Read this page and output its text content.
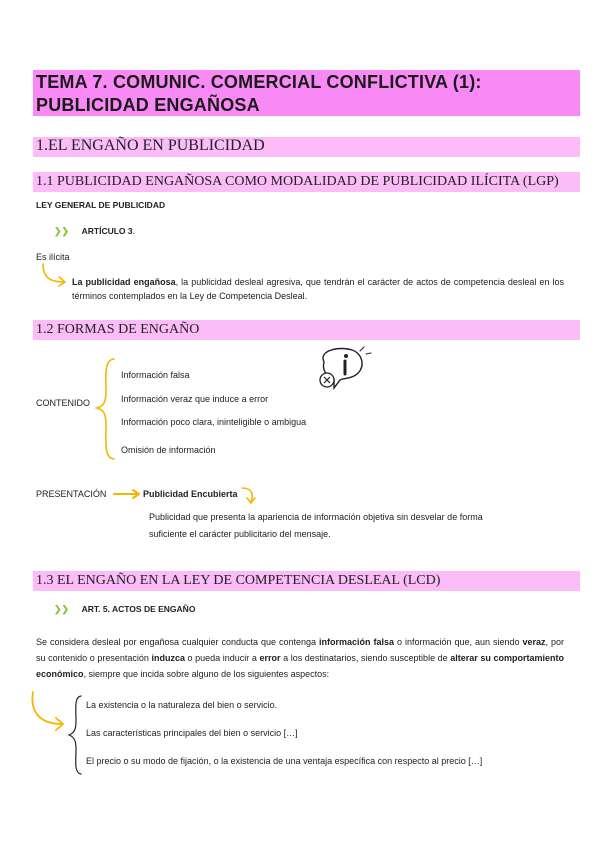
TEMA 7. COMUNIC. COMERCIAL CONFLICTIVA (1):
PUBLICIDAD ENGAÑOSA
1.EL ENGAÑO EN PUBLICIDAD
1.1 PUBLICIDAD ENGAÑOSA COMO MODALIDAD DE PUBLICIDAD ILÍCITA (LGP)
LEY GENERAL DE PUBLICIDAD
❯❯ ARTÍCULO 3.
Es ilícita
La publicidad engañosa, la publicidad desleal agresiva, que tendrán el carácter de actos de competencia desleal en los términos contemplados en la Ley de Competencia Desleal.
1.2 FORMAS DE ENGAÑO
CONTENIDO
Información falsa
Información veraz que induce a error
Información poco clara, ininteligible o ambigua
Omisión de información
PRESENTACIÓN	Publicidad Encubierta
Publicidad que presenta la apariencia de información objetiva sin desvelar de forma
suficiente el carácter publicitario del mensaje.
1.3 EL ENGAÑO EN LA LEY DE COMPETENCIA DESLEAL (LCD)
❯❯ ART. 5. ACTOS DE ENGAÑO
Se considera desleal por engañosa cualquier conducta que contenga información falsa o información que, aun siendo veraz, por su contenido o presentación induzca o pueda inducir a error a los destinatarios, siendo susceptible de alterar su comportamiento económico, siempre que incida sobre alguno de los siguientes aspectos:
La existencia o la naturaleza del bien o servicio.
Las características principales del bien o servicio […]
El precio o su modo de fijación, o la existencia de una ventaja específica con respecto al precio […]
